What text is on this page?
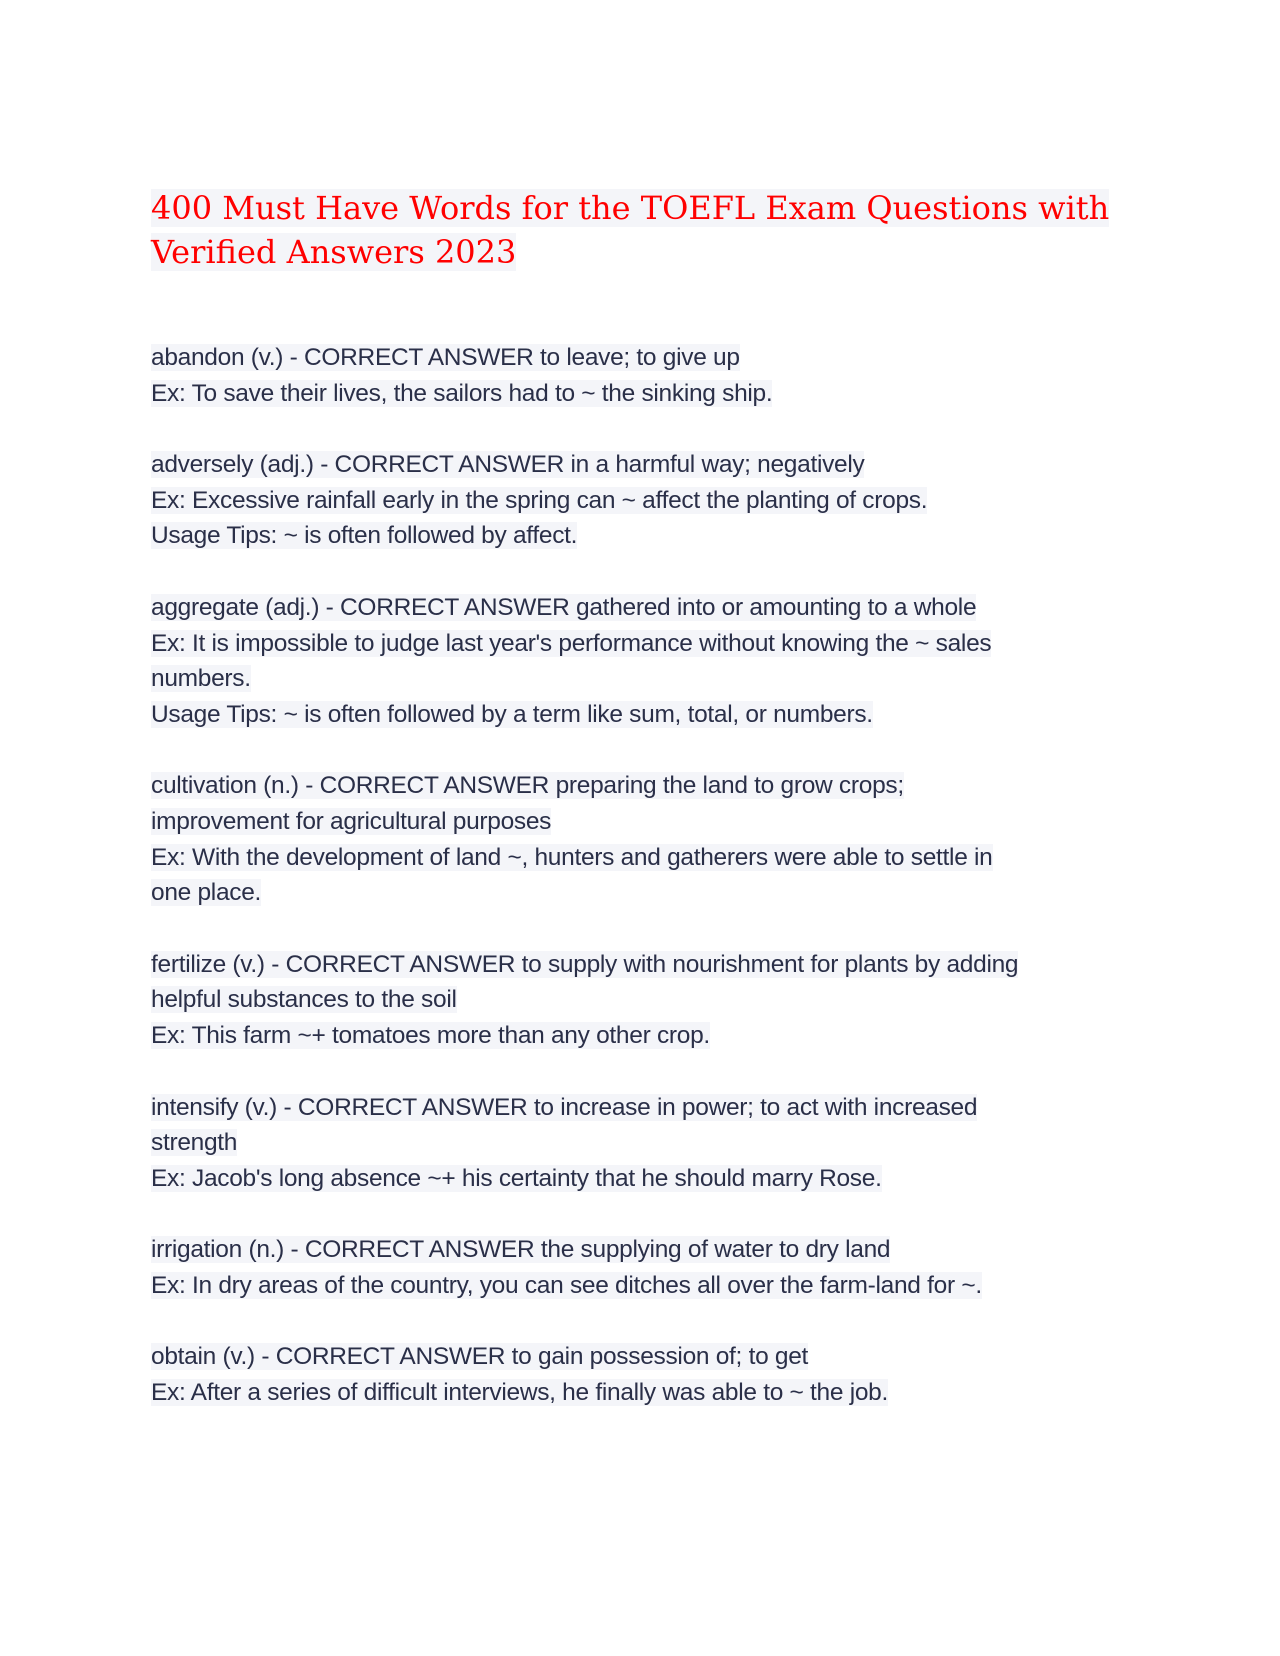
400 Must Have Words for the TOEFL Exam Questions with
Verified Answers 2023
abandon (v.) - CORRECT ANSWER to leave; to give up
Ex: To save their lives, the sailors had to ~ the sinking ship.
adversely (adj.) - CORRECT ANSWER in a harmful way; negatively
Ex: Excessive rainfall early in the spring can ~ affect the planting of crops.
Usage Tips: ~ is often followed by affect.
aggregate (adj.) - CORRECT ANSWER gathered into or amounting to a whole
Ex: It is impossible to judge last year's performance without knowing the ~ sales
numbers.
Usage Tips: ~ is often followed by a term like sum, total, or numbers.
cultivation (n.) - CORRECT ANSWER preparing the land to grow crops;
improvement for agricultural purposes
Ex: With the development of land ~, hunters and gatherers were able to settle in
one place.
fertilize (v.) - CORRECT ANSWER to supply with nourishment for plants by adding
helpful substances to the soil
Ex: This farm ~+ tomatoes more than any other crop.
intensify (v.) - CORRECT ANSWER to increase in power; to act with increased
strength
Ex: Jacob's long absence ~+ his certainty that he should marry Rose.
irrigation (n.) - CORRECT ANSWER the supplying of water to dry land
Ex: In dry areas of the country, you can see ditches all over the farm-land for ~.
obtain (v.) - CORRECT ANSWER to gain possession of; to get
Ex: After a series of difficult interviews, he finally was able to ~ the job.
